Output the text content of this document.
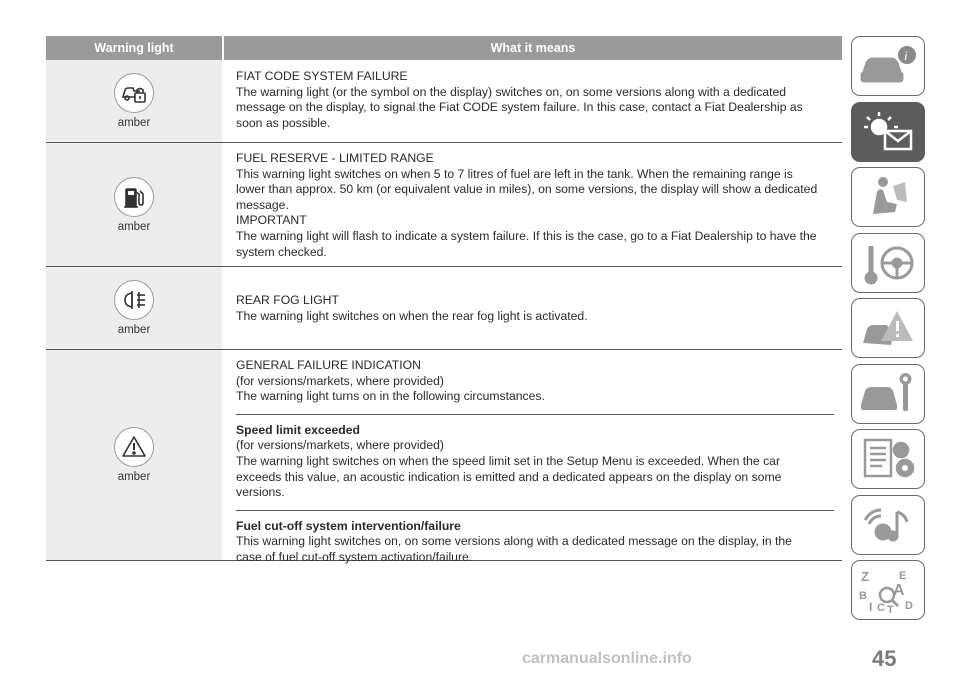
Warning light	What it means
amber

FIAT CODE SYSTEM FAILURE

The warning light (or the symbol on the display) switches on, on some versions along with a dedicated

message on the display, to signal the Fiat CODE system failure. In this case, contact a Fiat Dealership as

soon as possible.

amber

FUEL RESERVE - LIMITED RANGE

This warning light switches on when 5 to 7 litres of fuel are left in the tank. When the remaining range is

lower than approx. 50 km (or equivalent value in miles), on some versions, the display will show a dedicated

message.

IMPORTANT

The warning light will flash to indicate a system failure. If this is the case, go to a Fiat Dealership to have the

system checked.

amber

REAR FOG LIGHT

The warning light switches on when the rear fog light is activated.

amber

GENERAL FAILURE INDICATION

(for versions/markets, where provided)

The warning light turns on in the following circumstances.

Speed limit exceeded

(for versions/markets, where provided)

The warning light switches on when the speed limit set in the Setup Menu is exceeded. When the car

exceeds this value, an acoustic indication is emitted and a dedicated appears on the display on some

versions.

Fuel cut-off system intervention/failure

This warning light switches on, on some versions along with a dedicated message on the display, in the

case of fuel cut-off system activation/failure.

i
Z	E
B A
I C T D
45
carmanualsonline.info
